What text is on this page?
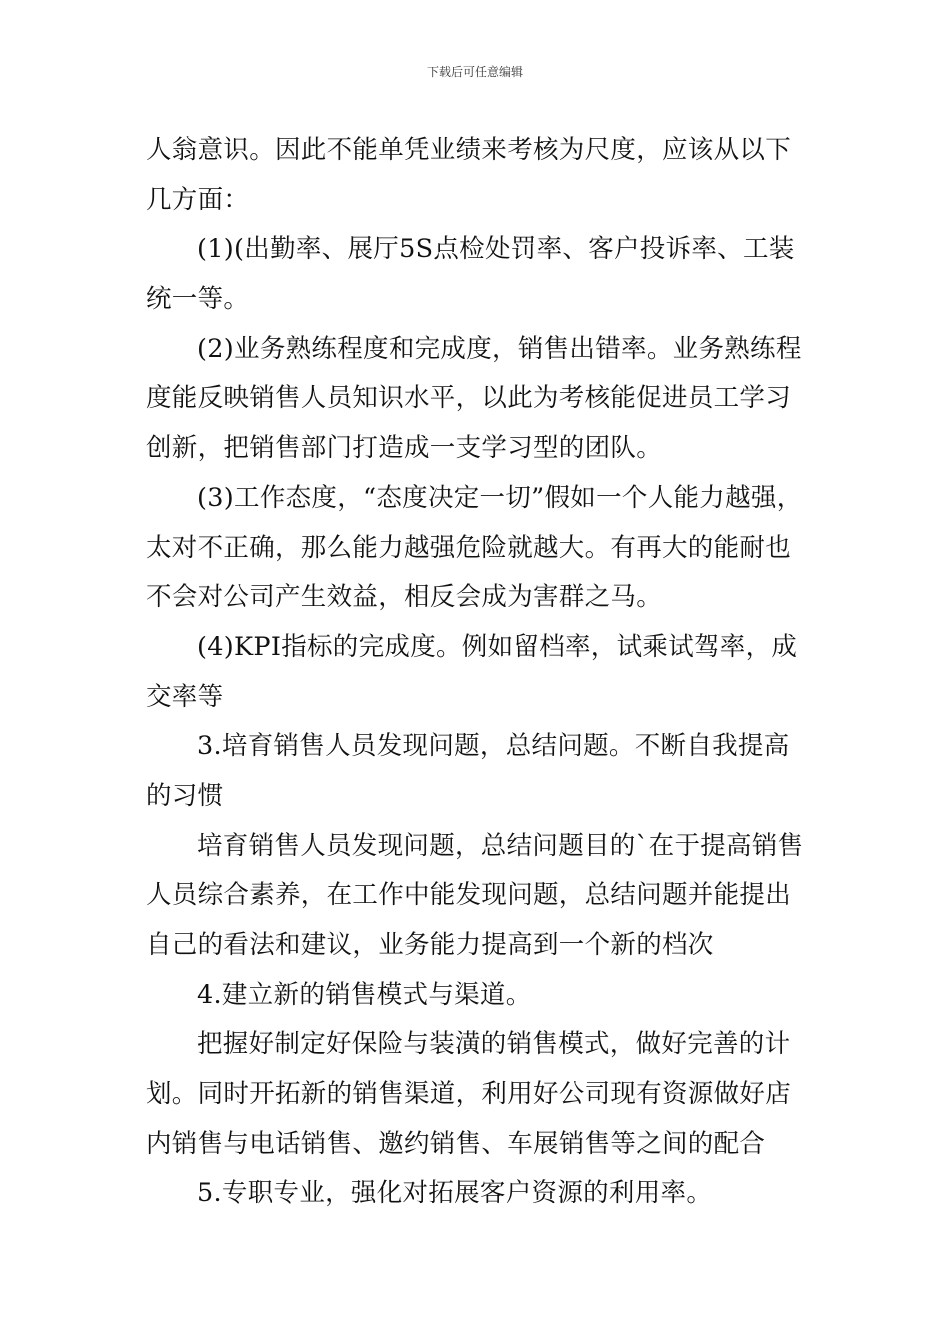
下载后可任意编辑

人翁意识。因此不能单凭业绩来考核为尺度，应该从以下
几方面：

(1)(出勤率、展厅5S点检处罚率、客户投诉率、工装
统一等。

(2)业务熟练程度和完成度，销售出错率。业务熟练程
度能反映销售人员知识水平，以此为考核能促进员工学习
创新，把销售部门打造成一支学习型的团队。

(3)工作态度，“态度决定一切”假如一个人能力越强，
太对不正确，那么能力越强危险就越大。有再大的能耐也
不会对公司产生效益，相反会成为害群之马。

(4)KPI指标的完成度。例如留档率，试乘试驾率，成
交率等

3.培育销售人员发现问题，总结问题。不断自我提高
的习惯

培育销售人员发现问题，总结问题目的`在于提高销售
人员综合素养，在工作中能发现问题，总结问题并能提出
自己的看法和建议，业务能力提高到一个新的档次

4.建立新的销售模式与渠道。

把握好制定好保险与装潢的销售模式，做好完善的计
划。同时开拓新的销售渠道，利用好公司现有资源做好店
内销售与电话销售、邀约销售、车展销售等之间的配合

5.专职专业，强化对拓展客户资源的利用率。
